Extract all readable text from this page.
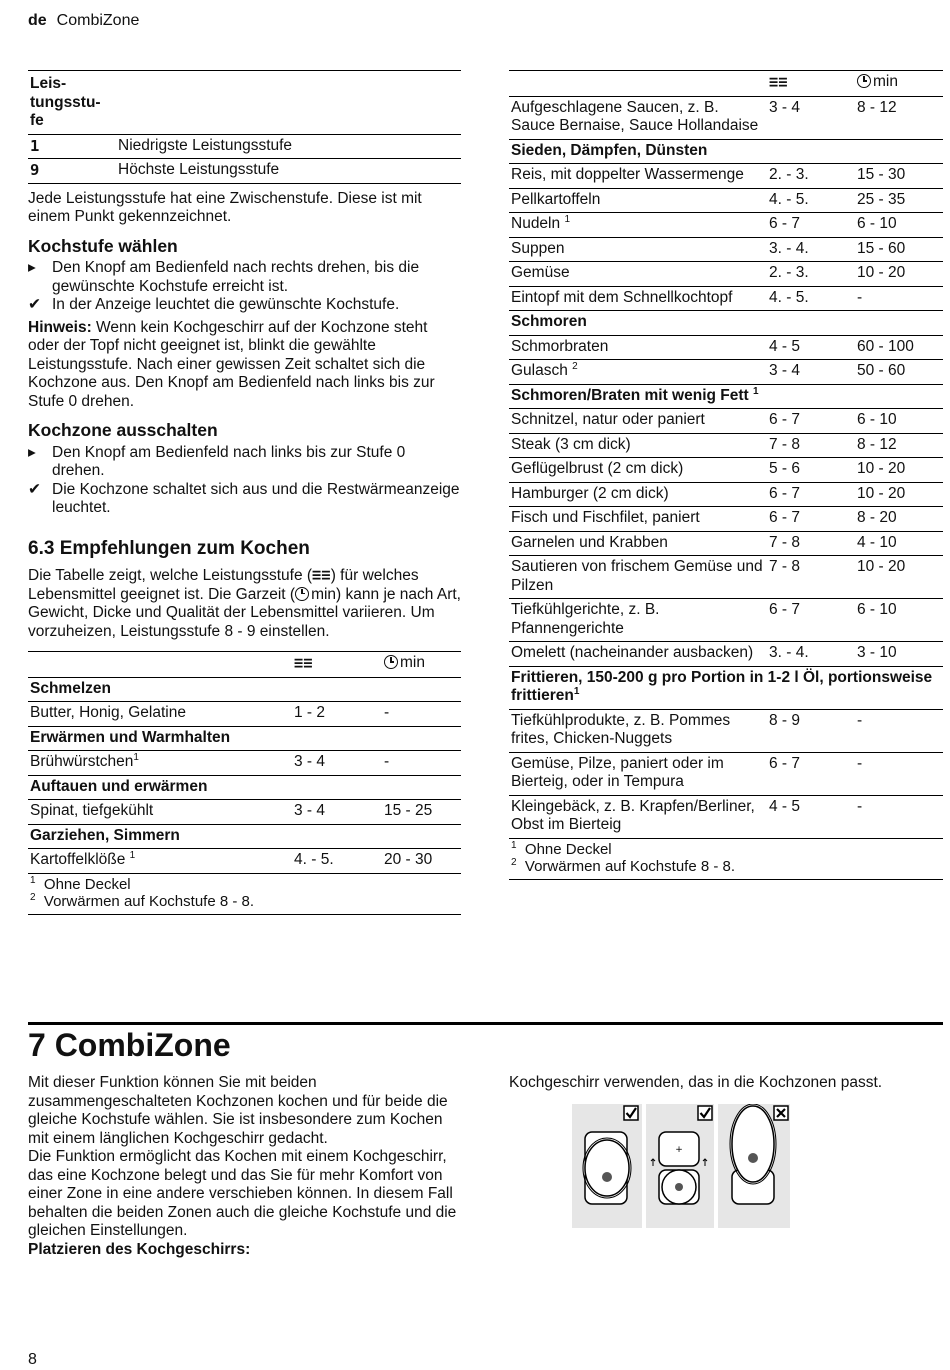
de CombiZone
Leis-
tungsstu-
fe	
1	Niedrigste Leistungsstufe
9	Höchste Leistungsstufe

Jede Leistungsstufe hat eine Zwischenstufe. Diese ist mit einem Punkt gekennzeichnet.

Kochstufe wählen
▸	Den Knopf am Bedienfeld nach rechts drehen, bis die gewünschte Kochstufe erreicht ist.
✔ In der Anzeige leuchtet die gewünschte Kochstufe.

Hinweis: Wenn kein Kochgeschirr auf der Kochzone steht oder der Topf nicht geeignet ist, blinkt die gewählte Leistungsstufe. Nach einer gewissen Zeit schaltet sich die Kochzone aus. Den Knopf am Bedienfeld nach links bis zur Stufe 0 drehen.

Kochzone ausschalten
▸	Den Knopf am Bedienfeld nach links bis zur Stufe 0 drehen.
✔ Die Kochzone schaltet sich aus und die Restwärmeanzeige leuchtet.
6.3 Empfehlungen zum Kochen

Die Tabelle zeigt, welche Leistungsstufe (≡≡) für welches Lebensmittel geeignet ist. Die Garzeit ( min) kann je nach Art, Gewicht, Dicke und Qualität der Lebensmittel variieren. Um vorzuheizen, Leistungsstufe 8 - 9 einstellen.

	≡≡	min
Schmelzen		
Butter, Honig, Gelatine	1 - 2	-
Erwärmen und Warmhalten		
Brühwürstchen$^1$	3 - 4	-
Auftauen und erwärmen		
Spinat, tiefgekühlt	3 - 4	15 - 25
Garziehen, Simmern		
Kartoffelklöße $^1$	4. - 5.	20 - 30
$^1$ Ohne Deckel
$^2$ Vorwärmen auf Kochstufe 8 - 8.
	≡≡	min
Aufgeschlagene Saucen, z. B. Sauce Bernaise, Sauce Hollandaise	3 - 4	8 - 12
Sieden, Dämpfen, Dünsten		
Reis, mit doppelter Wassermenge	2. - 3.	15 - 30
Pellkartoffeln	4. - 5.	25 - 35
Nudeln $^1$	6 - 7	6 - 10
Suppen	3. - 4.	15 - 60
Gemüse	2. - 3.	10 - 20
Eintopf mit dem Schnellkochtopf	4. - 5.	-
Schmoren		
Schmorbraten	4 - 5	60 - 100
Gulasch $^2$	3 - 4	50 - 60
Schmoren/Braten mit wenig Fett $^1$
Schnitzel, natur oder paniert	6 - 7	6 - 10
Steak (3 cm dick)	7 - 8	8 - 12
Geflügelbrust (2 cm dick)	5 - 6	10 - 20
Hamburger (2 cm dick)	6 - 7	10 - 20
Fisch und Fischfilet, paniert	6 - 7	8 - 20
Garnelen und Krabben	7 - 8	4 - 10
Sautieren von frischem Gemüse und Pilzen	7 - 8	10 - 20
Tiefkühlgerichte, z. B. Pfannengerichte	6 - 7	6 - 10
Omelett (nacheinander ausbacken)	3. - 4.	3 - 10
Frittieren, 150-200 g pro Portion in 1-2 l Öl, portionsweise frittieren$^1$
Tiefkühlprodukte, z. B. Pommes frites, Chicken-Nuggets	8 - 9	-
Gemüse, Pilze, paniert oder im Bierteig, oder in Tempura	6 - 7	-
Kleingebäck, z. B. Krapfen/Berliner, Obst im Bierteig	4 - 5	-
$^1$ Ohne Deckel
$^2$ Vorwärmen auf Kochstufe 8 - 8.
7 CombiZone

Mit dieser Funktion können Sie mit beiden zusammengeschalteten Kochzonen kochen und für beide die gleiche Kochstufe wählen. Sie ist insbesondere zum Kochen mit einem länglichen Kochgeschirr gedacht.

Die Funktion ermöglicht das Kochen mit einem Kochgeschirr, das eine Kochzone belegt und das Sie für mehr Komfort von einer Zone in eine andere verschieben können. In diesem Fall behalten die beiden Zonen auch die gleiche Kochstufe und die gleichen Einstellungen.

Platzieren des Kochgeschirrs:

Kochgeschirr verwenden, das in die Kochzonen passt.

+
8
